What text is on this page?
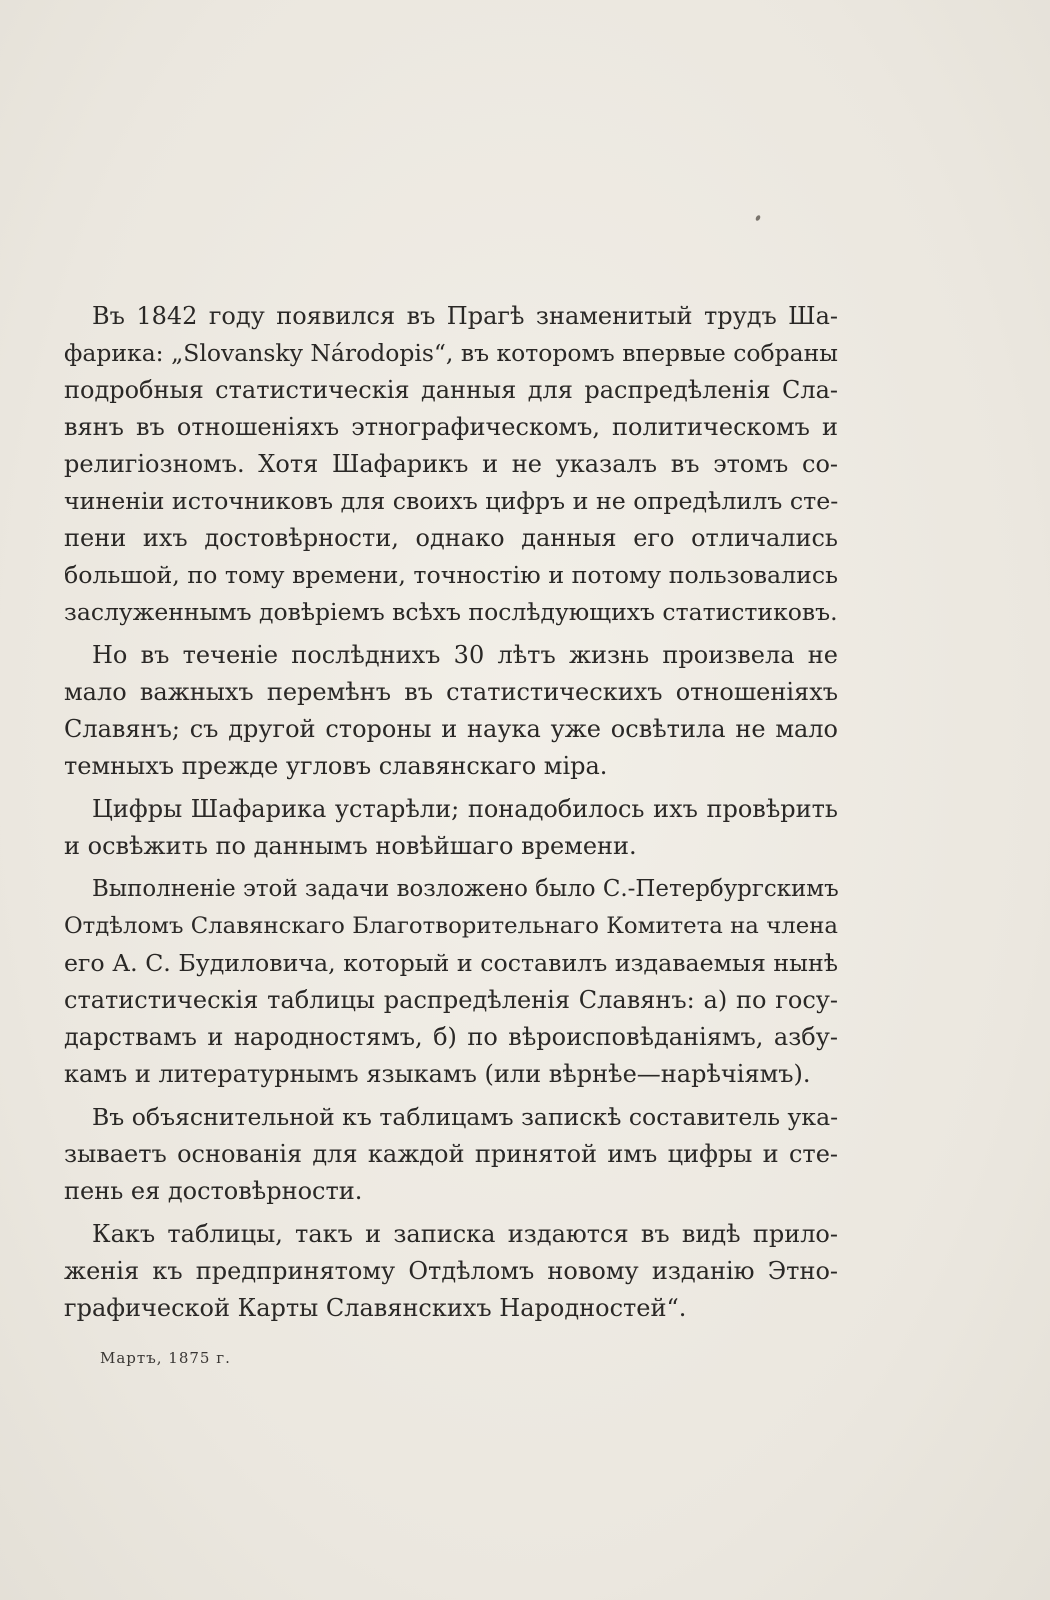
Въ 1842 году появился въ Прагѣ знаменитый трудъ Ша-
фарика: „Slovansky Národopis“, въ которомъ впервые собраны
подробныя статистическія данныя для распредѣленія Сла-
вянъ въ отношеніяхъ этнографическомъ, политическомъ и
религіозномъ. Хотя Шафарикъ и не указалъ въ этомъ со-
чиненіи источниковъ для своихъ цифръ и не опредѣлилъ сте-
пени ихъ достовѣрности, однако данныя его отличались
большой, по тому времени, точностію и потому пользовались
заслуженнымъ довѣріемъ всѣхъ послѣдующихъ статистиковъ.

Но въ теченіе послѣднихъ 30 лѣтъ жизнь произвела не
мало важныхъ перемѣнъ въ статистическихъ отношеніяхъ
Славянъ; съ другой стороны и наука уже освѣтила не мало
темныхъ прежде угловъ славянскаго міра.

Цифры Шафарика устарѣли; понадобилось ихъ провѣрить
и освѣжить по даннымъ новѣйшаго времени.

Выполненіе этой задачи возложено было С.-Петербургскимъ
Отдѣломъ Славянскаго Благотворительнаго Комитета на члена
его А. С. Будиловича, который и составилъ издаваемыя нынѣ
статистическія таблицы распредѣленія Славянъ: а) по госу-
дарствамъ и народностямъ, б) по вѣроисповѣданіямъ, азбу-
камъ и литературнымъ языкамъ (или вѣрнѣе—нарѣчіямъ).

Въ объяснительной къ таблицамъ запискѣ составитель ука-
зываетъ основанія для каждой принятой имъ цифры и сте-
пень ея достовѣрности.

Какъ таблицы, такъ и записка издаются въ видѣ прило-
женія къ предпринятому Отдѣломъ новому изданію Этно-
графической Карты Славянскихъ Народностей“.

Мартъ, 1875 г.
